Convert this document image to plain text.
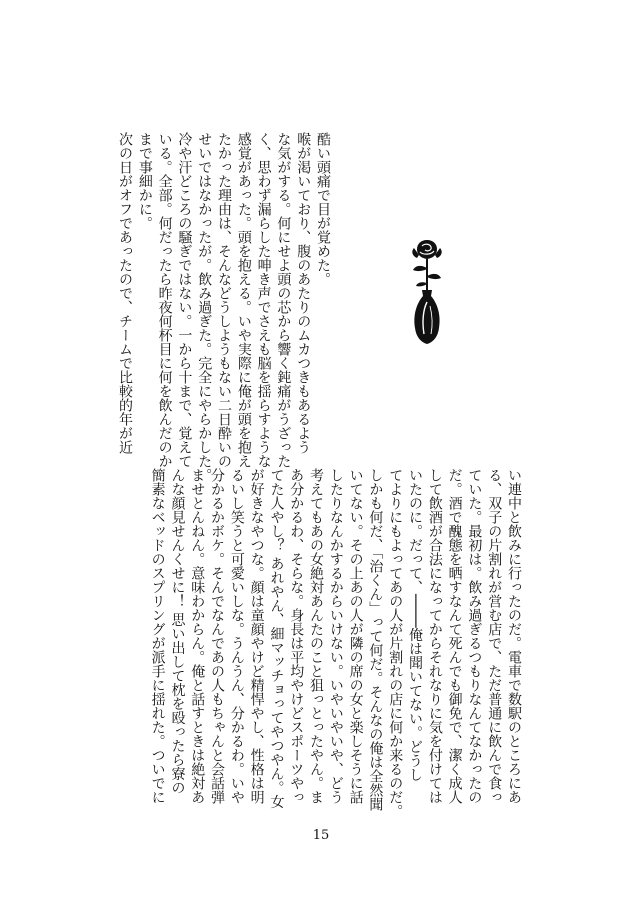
酷い頭痛で目が覚めた。

喉が渇いており、腹のあたりのムカつきもあるよう

な気がする。何にせよ頭の芯から響く鈍痛がうざった

く、思わず漏らした呻き声でさえも脳を揺らすような

感覚があった。頭を抱える。いや実際に俺が頭を抱え

たかった理由は、そんなどうしようもない二日酔いの

せいではなかったが。飲み過ぎた。完全にやらかした。

冷や汗どころの騒ぎではない。一から十まで、覚えて

いる。全部。何だったら昨夜何杯目に何を飲んだのか

まで事細かに。

次の日がオフであったので、チームで比較的年が近

い連中と飲みに行ったのだ。電車で数駅のところにあ

る、双子の片割れが営む店で、ただ普通に飲んで食っ

ていた。最初は。飲み過ぎるつもりなんてなかったの

だ。酒で醜態を晒すなんて死んでも御免で、潔く成人

して飲酒が合法になってからそれなりに気を付けては

いたのに。だって、────俺は聞いてない。どうし

てよりにもよってあの人が片割れの店に何か来るのだ。

しかも何だ、「治くん」って何だ。そんなの俺は全然聞

いてない。その上あの人が隣の席の女と楽しそうに話

したりなんかするからいけない。いやいやいや、どう

考えてもあの女絶対あんたのこと狙っとったやん。ま

あ分かるわ、そらな。身長は平均やけどスポーツやっ

てた人やし？ あれやん、細マッチョってやつやん。女

が好きなやつな。顔は童顔やけど精悍やし、性格は明

るいし笑うと可愛いしな。うんうん、分かるわ。いや

分かるかボケ。そんでなんであの人もちゃんと会話弾

ませとんねん。意味わからん。俺と話すときは絶対あ

んな顔見せんくせに！ 思い出して枕を殴ったら寮の

簡素なベッドのスプリングが派手に揺れた。ついでに

15
